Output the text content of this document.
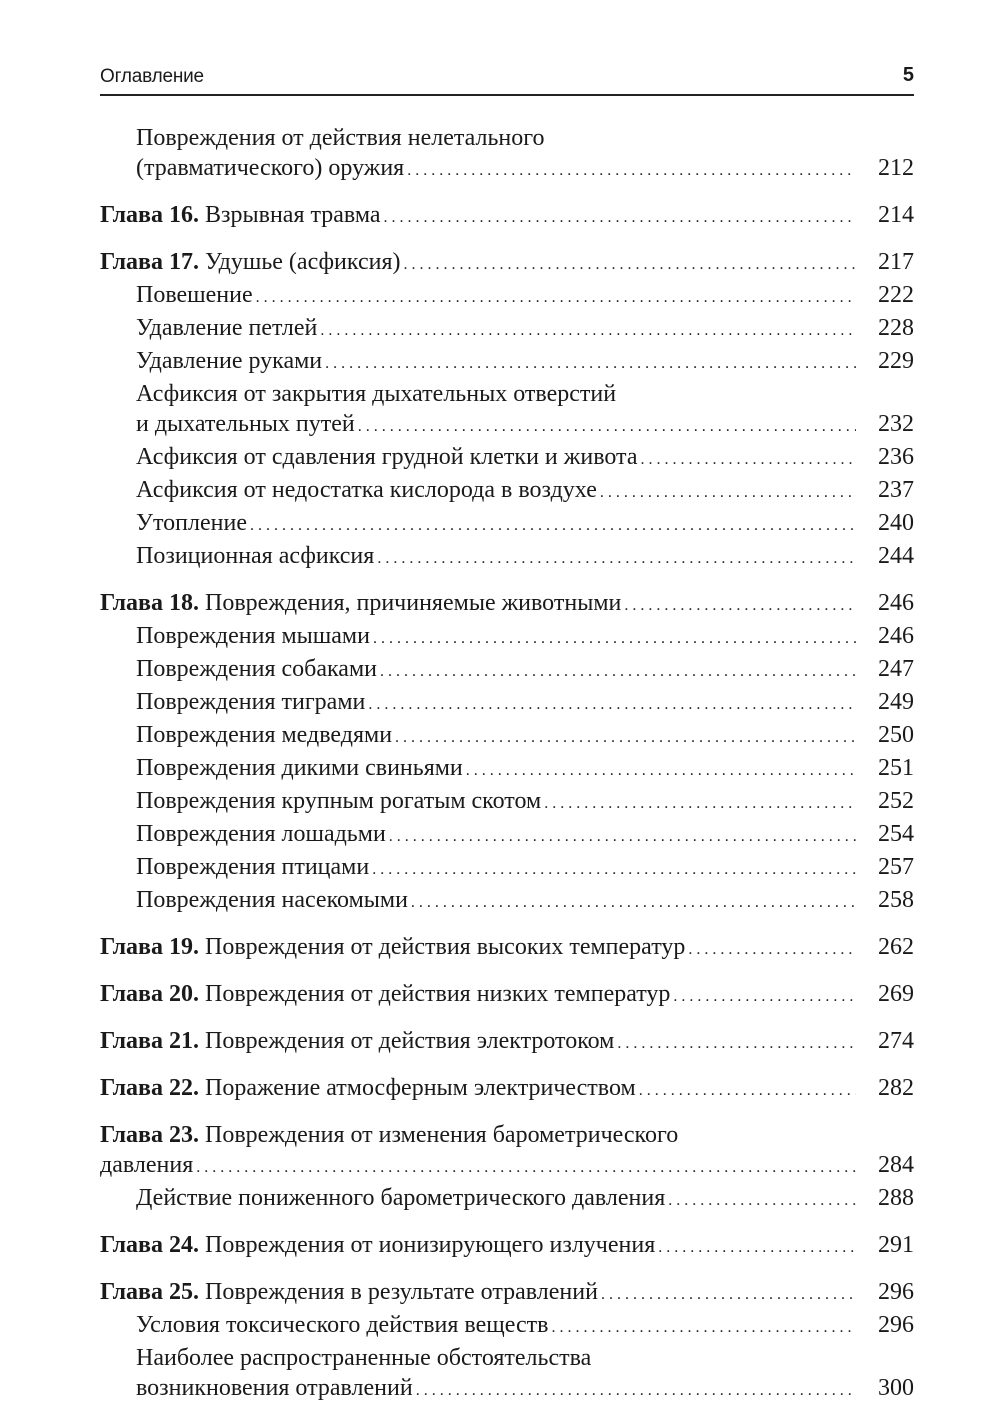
Оглавление	5
Повреждения от действия нелетального
(травматического) оружия . . .	212
Глава 16. Взрывная травма . . .	214
Глава 17. Удушье (асфиксия) . . .	217
Повешение . . .	222
Удавление петлей . . .	228
Удавление руками . . .	229
Асфиксия от закрытия дыхательных отверстий
и дыхательных путей . . .	232
Асфиксия от сдавления грудной клетки и живота . . .	236
Асфиксия от недостатка кислорода в воздухе . . .	237
Утопление . . .	240
Позиционная асфиксия . . .	244
Глава 18. Повреждения, причиняемые животными . . .	246
Повреждения мышами . . .	246
Повреждения собаками . . .	247
Повреждения тиграми . . .	249
Повреждения медведями . . .	250
Повреждения дикими свиньями . . .	251
Повреждения крупным рогатым скотом . . .	252
Повреждения лошадьми . . .	254
Повреждения птицами . . .	257
Повреждения насекомыми . . .	258
Глава 19. Повреждения от действия высоких температур . . .	262
Глава 20. Повреждения от действия низких температур . . .	269
Глава 21. Повреждения от действия электротоком . . .	274
Глава 22. Поражение атмосферным электричеством . . .	282
Глава 23. Повреждения от изменения барометрического
давления . . .	284
Действие пониженного барометрического давления . . .	288
Глава 24. Повреждения от ионизирующего излучения . . .	291
Глава 25. Повреждения в результате отравлений . . .	296
Условия токсического действия веществ . . .	296
Наиболее распространенные обстоятельства
возникновения отравлений . . .	300
